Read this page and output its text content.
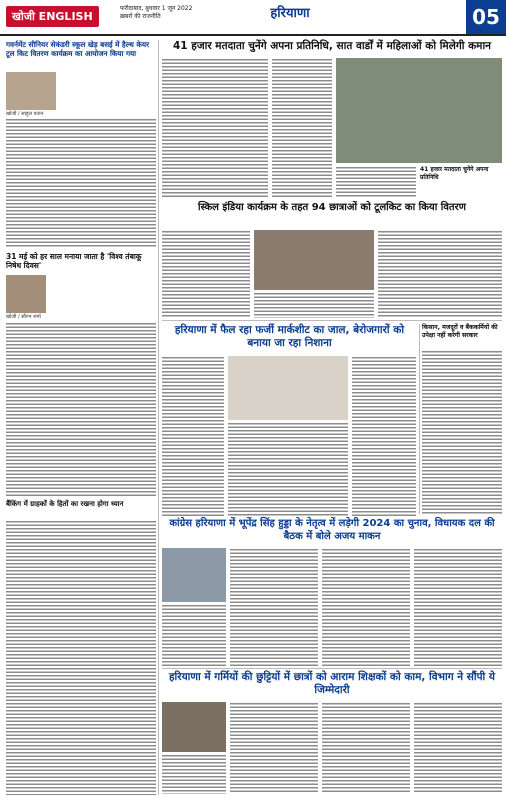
खोजी ENGLISH
फरीदाबाद, बुधवार 1 जून 2022
ख़बरों की राजनीति	हरियाणा	05
गवर्नमेंट सीनियर सेकंडरी स्कूल खेड़ बसई में हैल्थ केयर टूल किट वितरण कार्यक्रम का आयोजन किया गया
खोजी / साहुल पतान
31 मई को हर साल मनाया जाता है 'विश्व तंबाकू निषेध दिवस'
खोजी / सौरभ शर्मा
बैंकिंग में ग्राहकों के हितों का रखना होगा ध्यान
41 हजार मतदाता चुनेंगे अपना प्रतिनिधि, सात वार्डों में महिलाओं को मिलेगी कमान
41 हजार मतदाता चुनेंगे अपना प्रतिनिधि
स्किल इंडिया कार्यक्रम के तहत 94 छात्राओं को टूलकिट का किया वितरण
हरियाणा में फैल रहा फर्जी मार्कशीट का जाल, बेरोजगारों को बनाया जा रहा निशाना
किसान, मजदूरों व बैंककर्मियों की उपेक्षा नहीं करेगी सरकार
कांग्रेस हरियाणा में भूपेंद्र सिंह हुड्डा के नेतृत्व में लड़ेगी 2024 का चुनाव, विधायक दल की बैठक में बोले अजय माकन
हरियाणा में गर्मियों की छुट्टियों में छात्रों को आराम शिक्षकों को काम, विभाग ने सौंपी ये जिम्मेदारी
